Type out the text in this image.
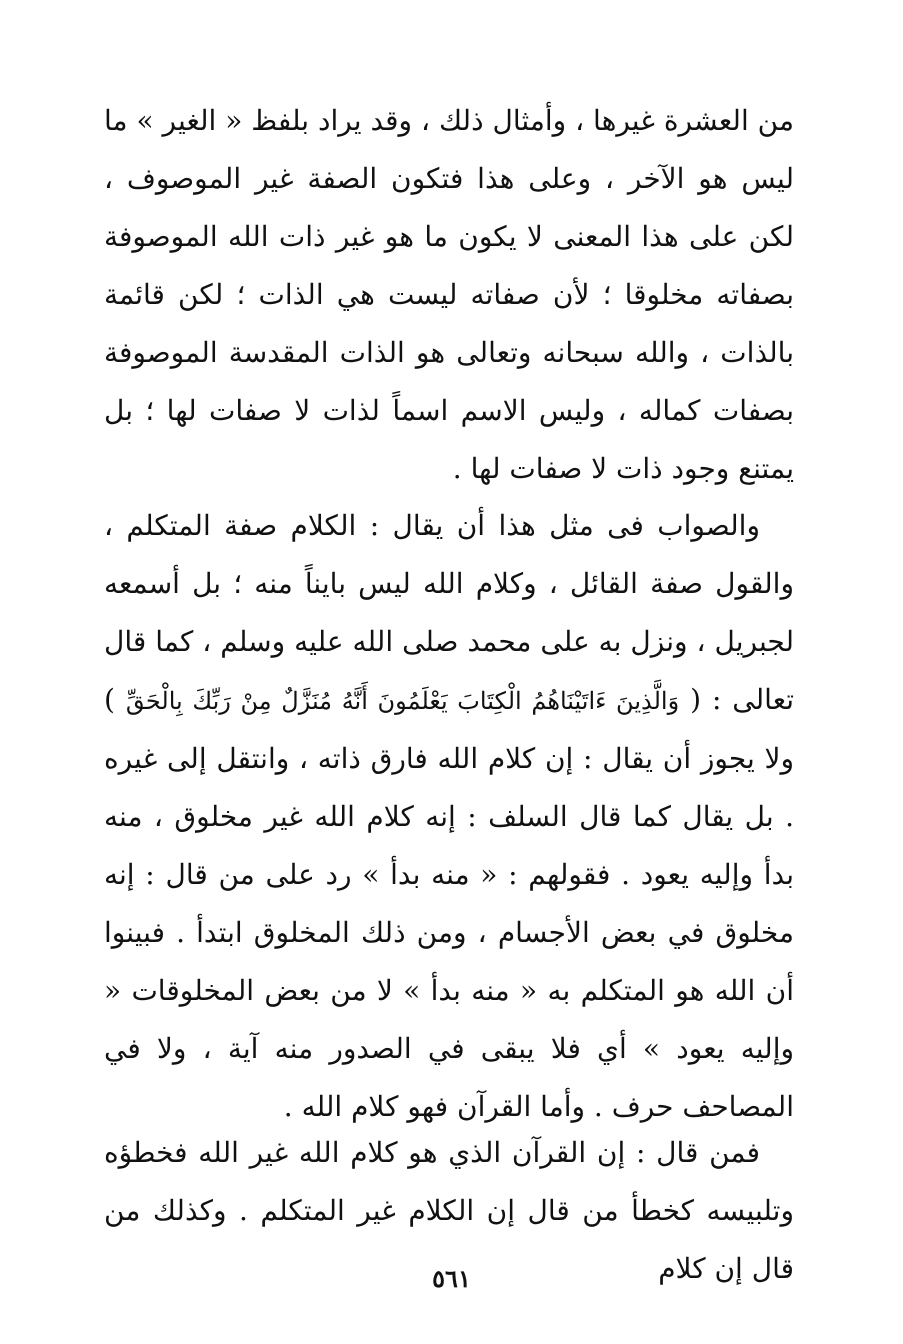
من العشرة غيرها ، وأمثال ذلك ، وقد يراد بلفظ « الغير » ما ليس هو الآخر ، وعلى هذا فتكون الصفة غير الموصوف ، لكن على هذا المعنى لا يكون ما هو غير ذات الله الموصوفة بصفاته مخلوقا ؛ لأن صفاته ليست هي الذات ؛ لكن قائمة بالذات ، والله سبحانه وتعالى هو الذات المقدسة الموصوفة بصفات كماله ، وليس الاسم اسماً لذات لا صفات لها ؛ بل يمتنع وجود ذات لا صفات لها .

والصواب فى مثل هذا أن يقال : الكلام صفة المتكلم ، والقول صفة القائل ، وكلام الله ليس بايناً منه ؛ بل أسمعه لجبريل ، ونزل به على محمد صلى الله عليه وسلم ، كما قال تعالى : ( وَالَّذِينَ ءَاتَيْنَاهُمُ الْكِتَابَ يَعْلَمُونَ أَنَّهُ مُنَزَّلٌ مِنْ رَبِّكَ بِالْحَقِّ ) ولا يجوز أن يقال : إن كلام الله فارق ذاته ، وانتقل إلى غيره . بل يقال كما قال السلف : إنه كلام الله غير مخلوق ، منه بدأ وإليه يعود . فقولهم : « منه بدأ » رد على من قال : إنه مخلوق في بعض الأجسام ، ومن ذلك المخلوق ابتدأ . فبينوا أن الله هو المتكلم به « منه بدأ » لا من بعض المخلوقات « وإليه يعود » أي فلا يبقى في الصدور منه آية ، ولا في المصاحف حرف . وأما القرآن فهو كلام الله .

فمن قال : إن القرآن الذي هو كلام الله غير الله فخطؤه وتلبيسه كخطأ من قال إن الكلام غير المتكلم . وكذلك من قال إن كلام

٥٦١
